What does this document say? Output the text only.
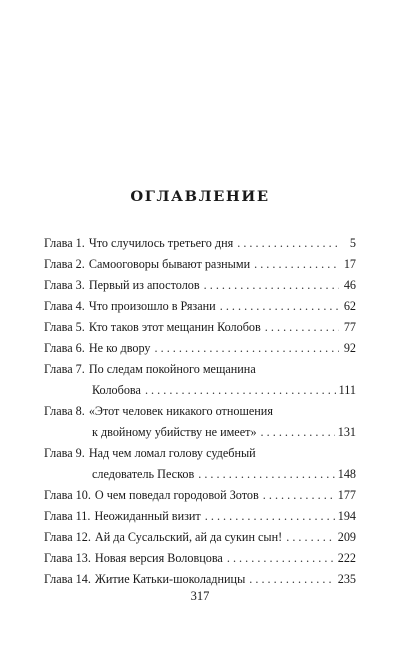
ОГЛАВЛЕНИЕ
Глава 1. Что случилось третьего дня . . .	5
Глава 2. Самооговоры бывают разными . . .	17
Глава 3. Первый из апостолов . . .	46
Глава 4. Что произошло в Рязани . . .	62
Глава 5. Кто таков этот мещанин Колобов . . .	77
Глава 6. Не ко двору . . .	92
Глава 7. По следам покойного мещанина
Колобова . . .	111
Глава 8. «Этот человек никакого отношения
к двойному убийству не имеет» . . .	131
Глава 9. Над чем ломал голову судебный
следователь Песков . . .	148
Глава 10. О чем поведал городовой Зотов . . .	177
Глава 11. Неожиданный визит . . .	194
Глава 12. Ай да Сусальский, ай да сукин сын! . . .	209
Глава 13. Новая версия Воловцова . . .	222
Глава 14. Житие Катьки-шоколадницы . . .	235
317
